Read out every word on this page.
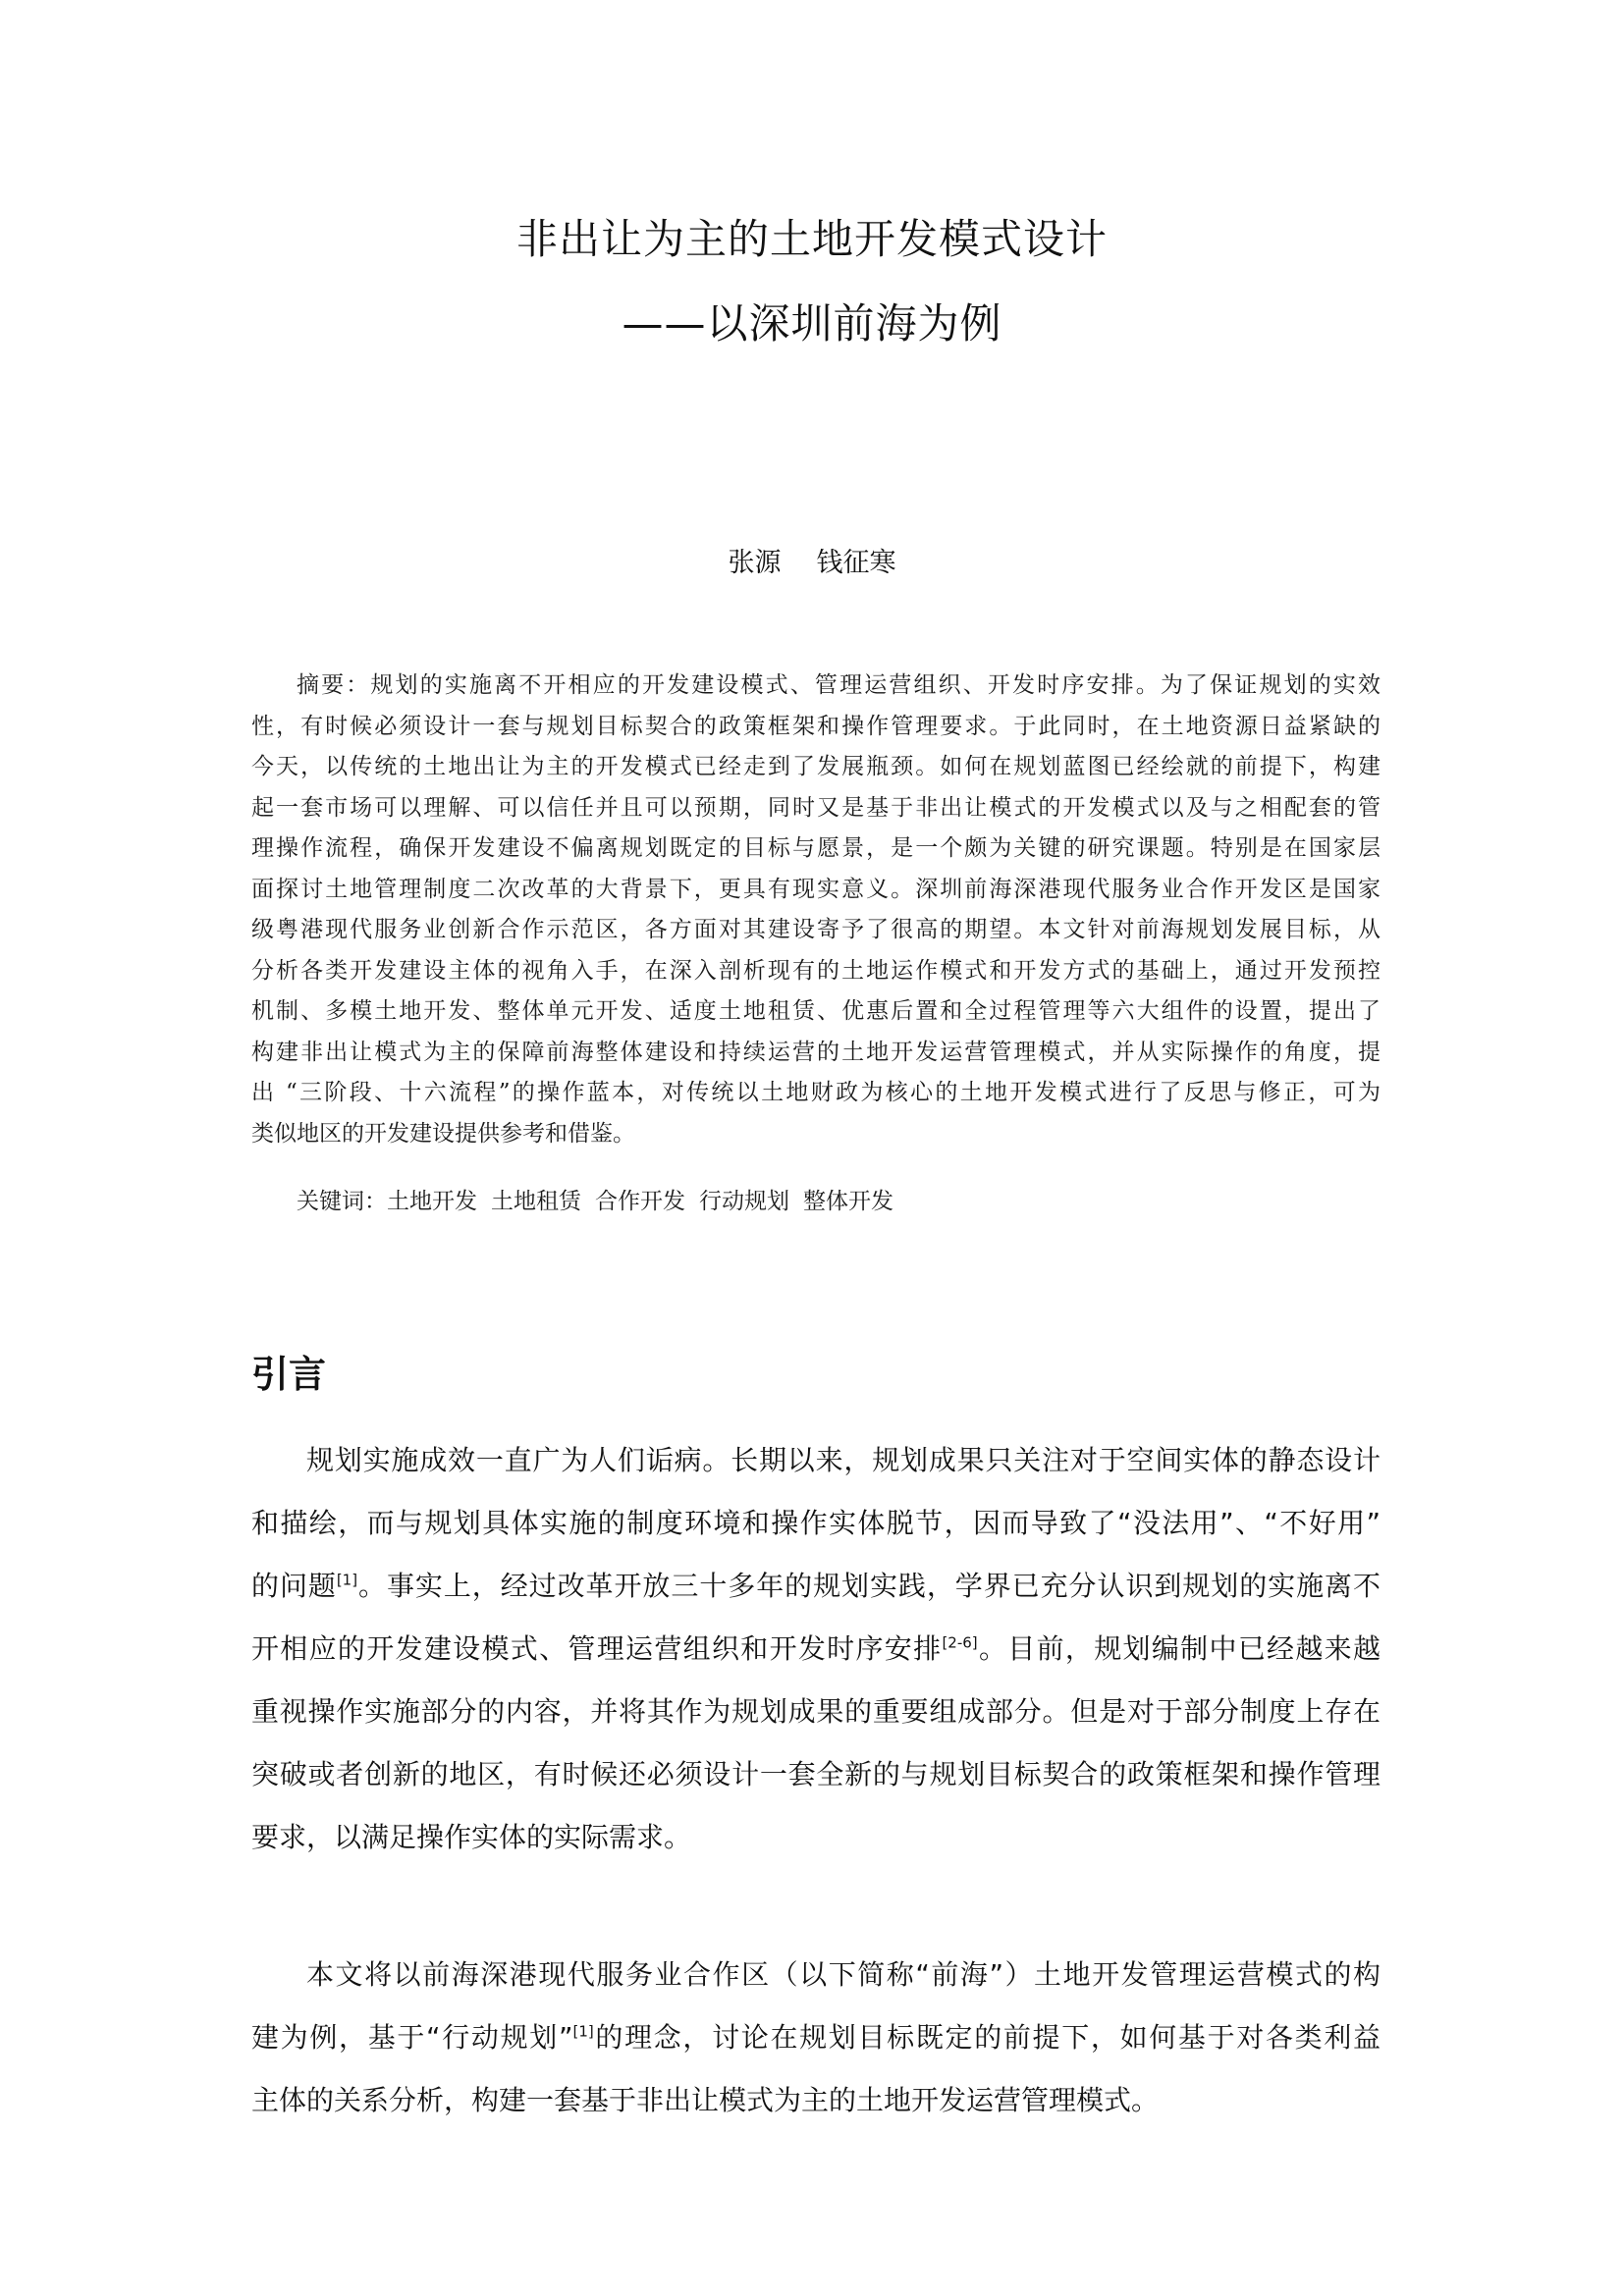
非出让为主的土地开发模式设计
——以深圳前海为例
张源 钱征寒
摘要：规划的实施离不开相应的开发建设模式、管理运营组织、开发时序安排。为了保证规划的实效
性，有时候必须设计一套与规划目标契合的政策框架和操作管理要求。于此同时，在土地资源日益紧缺的
今天，以传统的土地出让为主的开发模式已经走到了发展瓶颈。如何在规划蓝图已经绘就的前提下，构建
起一套市场可以理解、可以信任并且可以预期，同时又是基于非出让模式的开发模式以及与之相配套的管
理操作流程，确保开发建设不偏离规划既定的目标与愿景，是一个颇为关键的研究课题。特别是在国家层
面探讨土地管理制度二次改革的大背景下，更具有现实意义。深圳前海深港现代服务业合作开发区是国家
级粤港现代服务业创新合作示范区，各方面对其建设寄予了很高的期望。本文针对前海规划发展目标，从
分析各类开发建设主体的视角入手，在深入剖析现有的土地运作模式和开发方式的基础上，通过开发预控
机制、多模土地开发、整体单元开发、适度土地租赁、优惠后置和全过程管理等六大组件的设置，提出了
构建非出让模式为主的保障前海整体建设和持续运营的土地开发运营管理模式，并从实际操作的角度，提
出 “三阶段、十六流程”的操作蓝本，对传统以土地财政为核心的土地开发模式进行了反思与修正，可为
类似地区的开发建设提供参考和借鉴。
关键词：土地开发 土地租赁 合作开发 行动规划 整体开发
引言
规划实施成效一直广为人们诟病。长期以来，规划成果只关注对于空间实体的静态设计
和描绘，而与规划具体实施的制度环境和操作实体脱节，因而导致了“没法用”、“不好用”
的问题[1]。事实上，经过改革开放三十多年的规划实践，学界已充分认识到规划的实施离不
开相应的开发建设模式、管理运营组织和开发时序安排[2-6]。目前，规划编制中已经越来越
重视操作实施部分的内容，并将其作为规划成果的重要组成部分。但是对于部分制度上存在
突破或者创新的地区，有时候还必须设计一套全新的与规划目标契合的政策框架和操作管理
要求，以满足操作实体的实际需求。
本文将以前海深港现代服务业合作区（以下简称“前海”）土地开发管理运营模式的构
建为例，基于“行动规划”[1]的理念，讨论在规划目标既定的前提下，如何基于对各类利益
主体的关系分析，构建一套基于非出让模式为主的土地开发运营管理模式。
